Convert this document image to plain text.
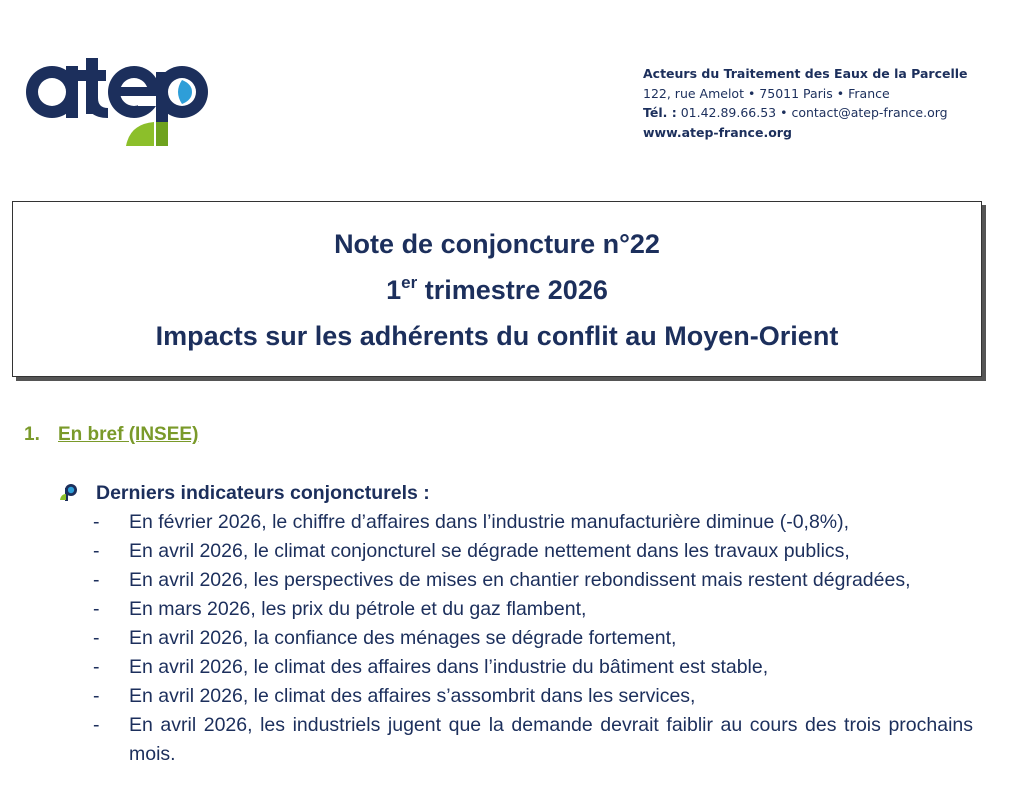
Acteurs du Traitement des Eaux de la Parcelle
122, rue Amelot • 75011 Paris • France
Tél. : 01.42.89.66.53 • contact@atep-france.org
www.atep-france.org
Note de conjoncture n°22
1er trimestre 2026
Impacts sur les adhérents du conflit au Moyen-Orient
1. En bref (INSEE)
Derniers indicateurs conjoncturels :
- En février 2026, le chiffre d’affaires dans l’industrie manufacturière diminue (-0,8%),
- En avril 2026, le climat conjoncturel se dégrade nettement dans les travaux publics,
- En avril 2026, les perspectives de mises en chantier rebondissent mais restent dégradées,
- En mars 2026, les prix du pétrole et du gaz flambent,
- En avril 2026, la confiance des ménages se dégrade fortement,
- En avril 2026, le climat des affaires dans l’industrie du bâtiment est stable,
- En avril 2026, le climat des affaires s’assombrit dans les services,
- En avril 2026, les industriels jugent que la demande devrait faiblir au cours des trois prochains mois.
